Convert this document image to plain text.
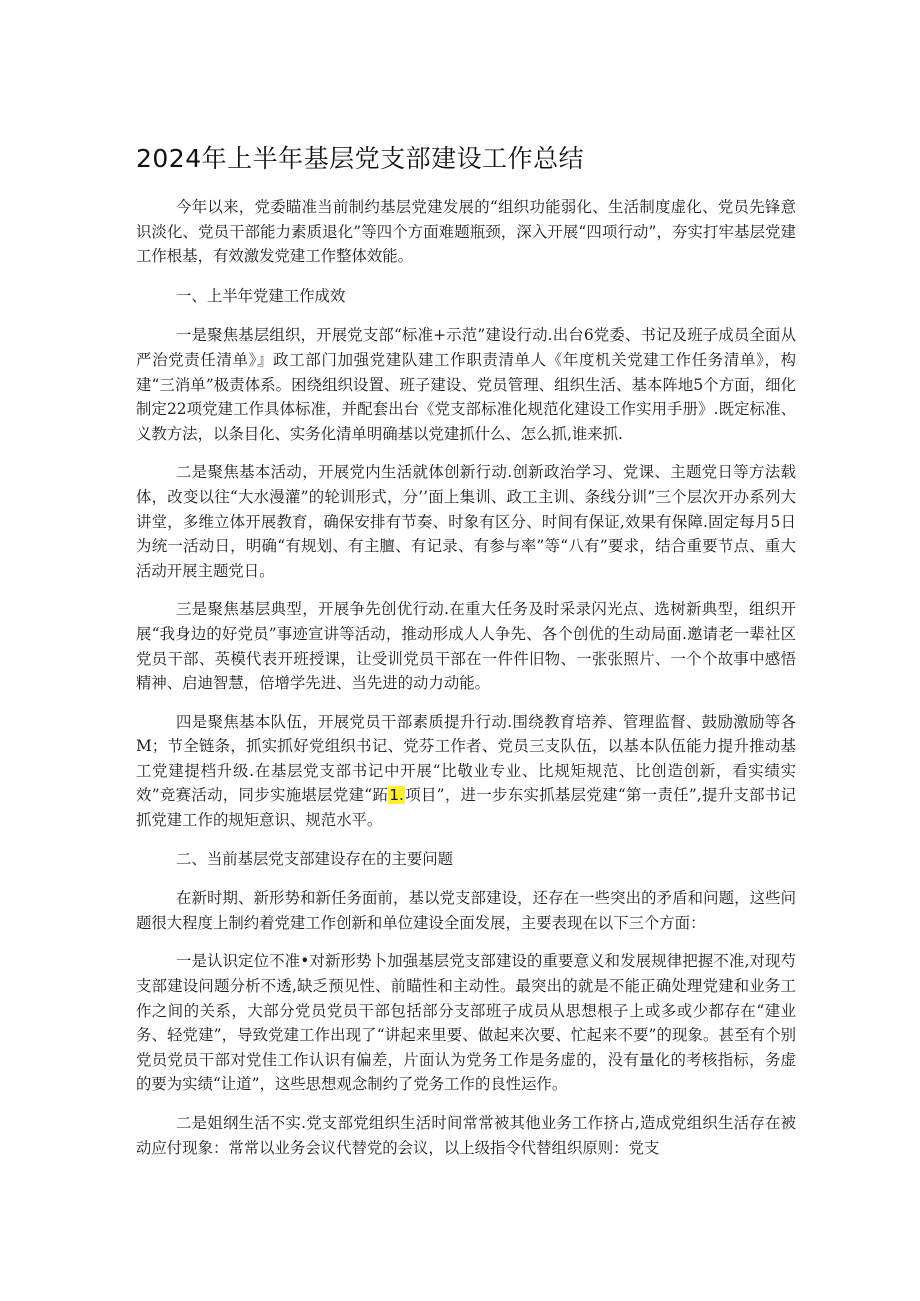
2024年上半年基层党支部建设工作总结

今年以来，党委瞄准当前制约基层党建发展的“组织功能弱化、生活制度虚化、党员先锋意识淡化、党员干部能力素质退化”等四个方面难题瓶颈，深入开展“四项行动”，夯实打牢基层党建工作根基，有效激发党建工作整体效能。

一、上半年党建工作成效

一是聚焦基层组织，开展党支部“标准+示范”建设行动.出台6党委、书记及班子成员全面从严治党责任清单》』政工部门加强党建队建工作职责清单人《年度机关党建工作任务清单》，构建“三消单”极责体系。困绕组织设置、班子建设、党员管理、组织生活、基本阵地5个方面，细化制定22项党建工作具体标准，并配套出台《党支部标准化规范化建设工作实用手册》.既定标准、义教方法，以条目化、实务化清单明确基以党建抓什么、怎么抓,谁来抓.

二是聚焦基本活动，开展党内生活就体创新行动.创新政治学习、党课、主题党日等方法载体，改变以往“大水漫灌”的轮训形式，分’’面上集训、政工主训、条线分训”三个层次开办系列大讲堂，多维立体开展教育，确保安排有节奏、时象有区分、时间有保证,效果有保障.固定每月5日为统一活动日，明确“有规划、有主膻、有记录、有参与率”等“八有”要求，结合重要节点、重大活动开展主题党日。

三是聚焦基层典型，开展争先创优行动.在重大任务及时采录闪光点、选树新典型，组织开展“我身边的好党员”事迹宣讲等活动，推动形成人人争先、各个创优的生动局面.邀请老一辈社区党员干部、英模代表开班授课，让受训党员干部在一件件旧物、一张张照片、一个个故事中感悟精神、启迪智慧，倍增学先进、当先进的动力动能。

四是聚焦基本队伍，开展党员干部素质提升行动.围绕教育培养、管理监督、鼓励激励等各M；节全链条，抓实抓好党组织书记、党芬工作者、党员三支队伍，以基本队伍能力提升推动基工党建提档升级.在基层党支部书记中开展“比敬业专业、比规矩规范、比创造创新，看实绩实效”竞赛活动，同步实施堪层党建“跖1.项目”，进一步东实抓基层党建“第一责任”,提升支部书记抓党建工作的规矩意识、规范水平。

二、当前基层党支部建设存在的主要问题

在新时期、新形势和新任务面前，基以党支部建设，还存在一些突出的矛盾和问题，这些问题很大程度上制约着党建工作创新和单位建设全面发展，主要表现在以下三个方面：

一是认识定位不准•对新形势卜加强基层党支部建设的重要意义和发展规律把握不准,对现芍支部建设问题分析不透,缺乏预见性、前瞄性和主动性。最突出的就是不能正确处理党建和业务工作之间的关系，大部分党员党员干部包括部分支部班子成员从思想根子上或多或少都存在“建业务、轻党建”，导致党建工作出现了“讲起来里要、做起来次要、忙起来不要”的现象。甚至有个别党员党员干部对党佳工作认识有偏差，片面认为党务工作是务虚的，没有量化的考核指标，务虚的要为实绩“让道”，这些思想观念制约了党务工作的良性运作。

二是姐纲生活不实.党支部党组织生活时间常常被其他业务工作挤占,造成党组织生活存在被动应付现象：常常以业务会议代替党的会议，以上级指令代替组织原则：党支
